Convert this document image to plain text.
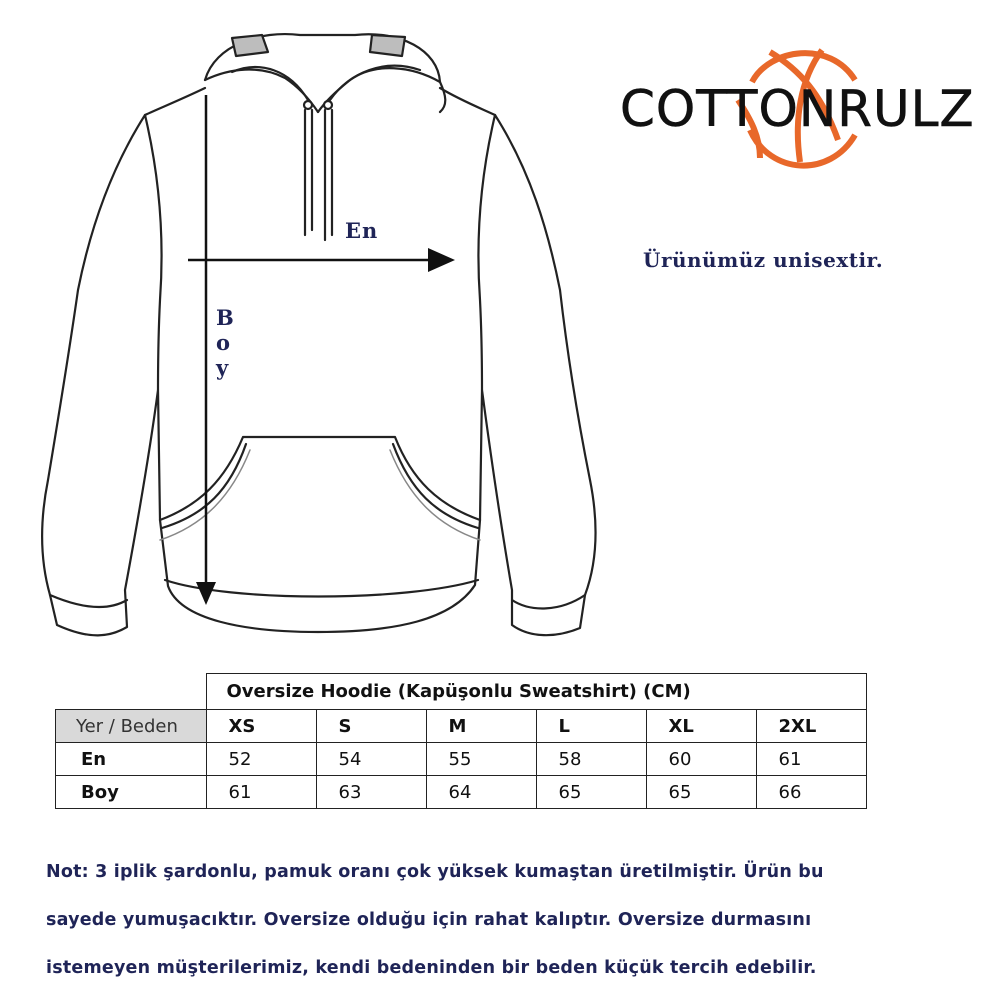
En
Boy
COTTONRULZ
Ürünümüz unisextir.
	Oversize Hoodie (Kapüşonlu Sweatshirt) (CM)					
Yer / Beden	XS	S	M	L	XL	2XL
En	52	54	55	58	60	61
Boy	61	63	64	65	65	66
Not: 3 iplik şardonlu, pamuk oranı çok yüksek kumaştan üretilmiştir. Ürün bu
sayede yumuşacıktır. Oversize olduğu için rahat kalıptır. Oversize durmasını
istemeyen müşterilerimiz, kendi bedeninden bir beden küçük tercih edebilir.
